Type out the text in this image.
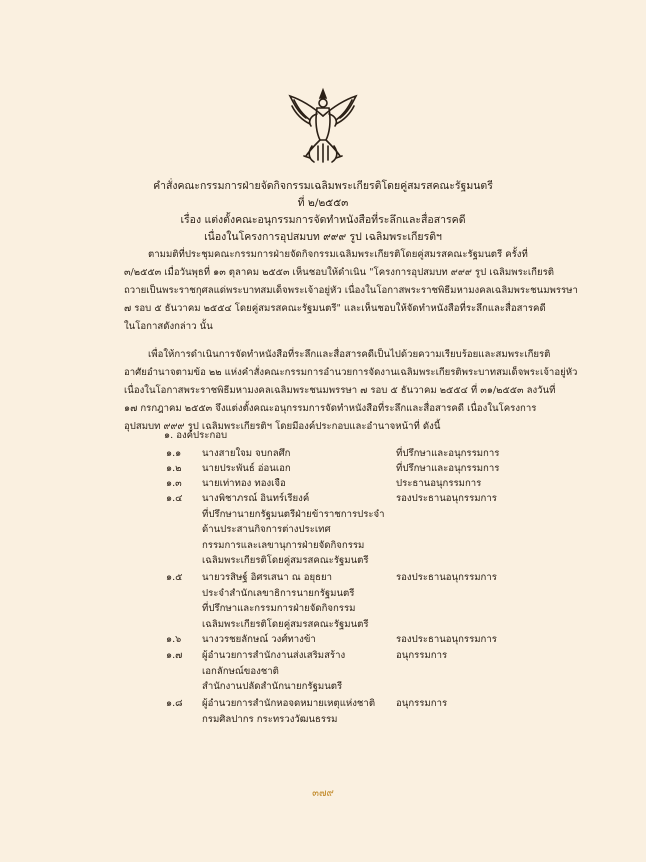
คำสั่งคณะกรรมการฝ่ายจัดกิจกรรมเฉลิมพระเกียรติโดยคู่สมรสคณะรัฐมนตรี
ที่ ๒/๒๕๕๓
เรื่อง แต่งตั้งคณะอนุกรรมการจัดทำหนังสือที่ระลึกและสื่อสารคดี
เนื่องในโครงการอุปสมบท ๙๙๙ รูป เฉลิมพระเกียรติฯ
ตามมติที่ประชุมคณะกรรมการฝ่ายจัดกิจกรรมเฉลิมพระเกียรติโดยคู่สมรสคณะรัฐมนตรี ครั้งที่
๓/๒๕๕๓ เมื่อวันพุธที่ ๑๓ ตุลาคม ๒๕๕๓ เห็นชอบให้ดำเนิน "โครงการอุปสมบท ๙๙๙ รูป เฉลิมพระเกียรติ
ถวายเป็นพระราชกุศลแด่พระบาทสมเด็จพระเจ้าอยู่หัว เนื่องในโอกาสพระราชพิธีมหามงคลเฉลิมพระชนมพรรษา
๗ รอบ ๕ ธันวาคม ๒๕๕๔ โดยคู่สมรสคณะรัฐมนตรี" และเห็นชอบให้จัดทำหนังสือที่ระลึกและสื่อสารคดี
ในโอกาสดังกล่าว นั้น
เพื่อให้การดำเนินการจัดทำหนังสือที่ระลึกและสื่อสารคดีเป็นไปด้วยความเรียบร้อยและสมพระเกียรติ
อาศัยอำนาจตามข้อ ๒๒ แห่งคำสั่งคณะกรรมการอำนวยการจัดงานเฉลิมพระเกียรติพระบาทสมเด็จพระเจ้าอยู่หัว
เนื่องในโอกาสพระราชพิธีมหามงคลเฉลิมพระชนมพรรษา ๗ รอบ ๕ ธันวาคม ๒๕๕๔ ที่ ๓๑/๒๕๕๓ ลงวันที่
๑๗ กรกฎาคม ๒๕๕๓ จึงแต่งตั้งคณะอนุกรรมการจัดทำหนังสือที่ระลึกและสื่อสารคดี เนื่องในโครงการ
อุปสมบท ๙๙๙ รูป เฉลิมพระเกียรติฯ โดยมีองค์ประกอบและอำนาจหน้าที่ ดังนี้
๑. องค์ประกอบ
๑.๑	นางสายใจม จบกลศึก	ที่ปรึกษาและอนุกรรมการ
๑.๒	นายประพันธ์ อ่อนเอก	ที่ปรึกษาและอนุกรรมการ
๑.๓	นายเท่าทอง ทองเจือ	ประธานอนุกรรมการ
๑.๔	นางพิชาภรณ์ อินทร์เรียงค์	รองประธานอนุกรรมการ
ที่ปรึกษานายกรัฐมนตรีฝ่ายข้าราชการประจำ
ด้านประสานกิจการต่างประเทศ
กรรมการและเลขานุการฝ่ายจัดกิจกรรม
เฉลิมพระเกียรติโดยคู่สมรสคณะรัฐมนตรี
๑.๕	นายวรสิษฐ์ อิศรเสนา ณ อยุธยา	รองประธานอนุกรรมการ
ประจำสำนักเลขาธิการนายกรัฐมนตรี
ที่ปรึกษาและกรรมการฝ่ายจัดกิจกรรม
เฉลิมพระเกียรติโดยคู่สมรสคณะรัฐมนตรี
๑.๖	นางวรชยลักษณ์ วงศ์ทางข้า	รองประธานอนุกรรมการ
๑.๗	ผู้อำนวยการสำนักงานส่งเสริมสร้าง	อนุกรรมการ
เอกลักษณ์ของชาติ
สำนักงานปลัดสำนักนายกรัฐมนตรี
๑.๘	ผู้อำนวยการสำนักหอจดหมายเหตุแห่งชาติ อนุกรรมการ
กรมศิลปากร กระทรวงวัฒนธรรม
๓๗๙
